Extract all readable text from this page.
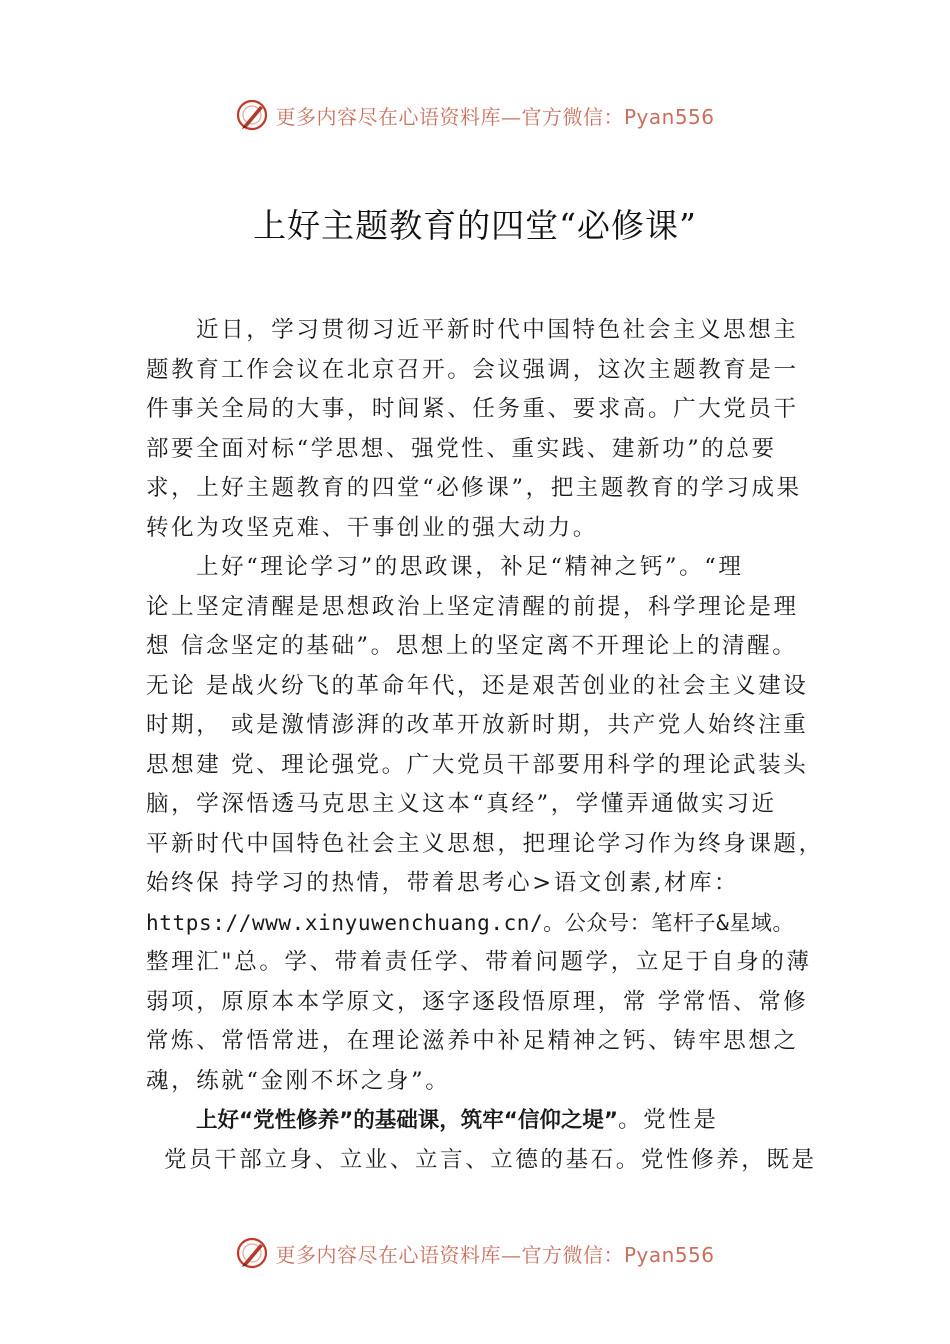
更多内容尽在心语资料库—官方微信：Pyan556
上好主题教育的四堂“必修课”
近日，学习贯彻习近平新时代中国特色社会主义思想主
题教育工作会议在北京召开。会议强调，这次主题教育是一
件事关全局的大事，时间紧、任务重、要求高。广大党员干
部要全面对标“学思想、强党性、重实践、建新功”的总要
求，上好主题教育的四堂“必修课”，把主题教育的学习成果
转化为攻坚克难、干事创业的强大动力。
上好“理论学习”的思政课，补足“精神之钙”。“理
论上坚定清醒是思想政治上坚定清醒的前提，科学理论是理
想 信念坚定的基础”。思想上的坚定离不开理论上的清醒。
无论 是战火纷飞的革命年代，还是艰苦创业的社会主义建设
时期， 或是激情澎湃的改革开放新时期，共产党人始终注重
思想建 党、理论强党。广大党员干部要用科学的理论武装头
脑，学深悟透马克思主义这本“真经”，学懂弄通做实习近
平新时代中国特色社会主义思想，把理论学习作为终身课题，
始终保 持学习的热情，带着思考心>语文创素,材库：
https://www.xinyuwenchuang.cn/。公众号：笔杆子&星域。
整理汇"总。学、带着责任学、带着问题学，立足于自身的薄
弱项，原原本本学原文，逐字逐段悟原理，常 学常悟、常修
常炼、常悟常进，在理论滋养中补足精神之钙、铸牢思想之
魂，练就“金刚不坏之身”。
上好“党性修养”的基础课，筑牢“信仰之堤”。党性是
党员干部立身、立业、立言、立德的基石。党性修养，既是
更多内容尽在心语资料库—官方微信：Pyan556
